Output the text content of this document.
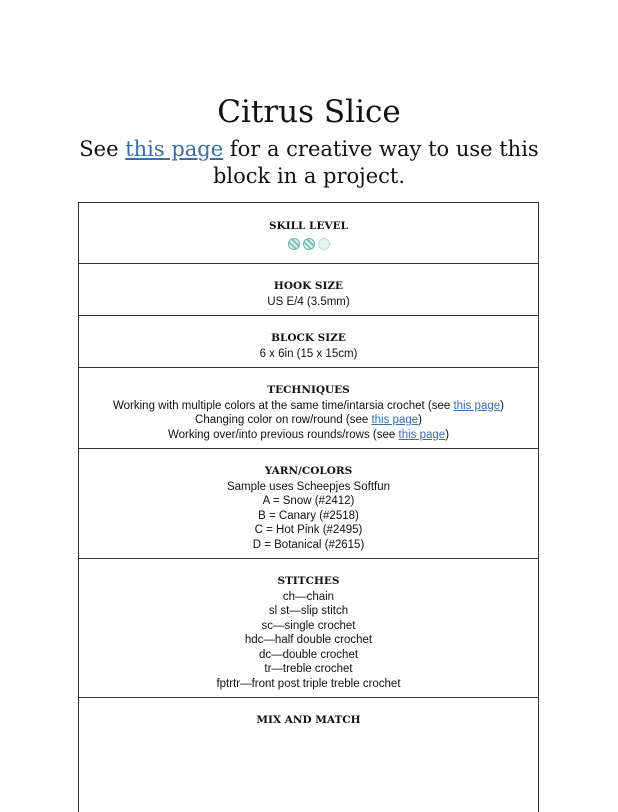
Citrus Slice
See this page for a creative way to use this
block in a project.
SKILL LEVEL
HOOK SIZE
US E/4 (3.5mm)
BLOCK SIZE
6 x 6in (15 x 15cm)
TECHNIQUES
Working with multiple colors at the same time/intarsia crochet (see this page)
Changing color on row/round (see this page)
Working over/into previous rounds/rows (see this page)
YARN/COLORS
Sample uses Scheepjes Softfun
A = Snow (#2412)
B = Canary (#2518)
C = Hot Pink (#2495)
D = Botanical (#2615)
STITCHES
ch—chain
sl st—slip stitch
sc—single crochet
hdc—half double crochet
dc—double crochet
tr—treble crochet
fptrtr—front post triple treble crochet
MIX AND MATCH
